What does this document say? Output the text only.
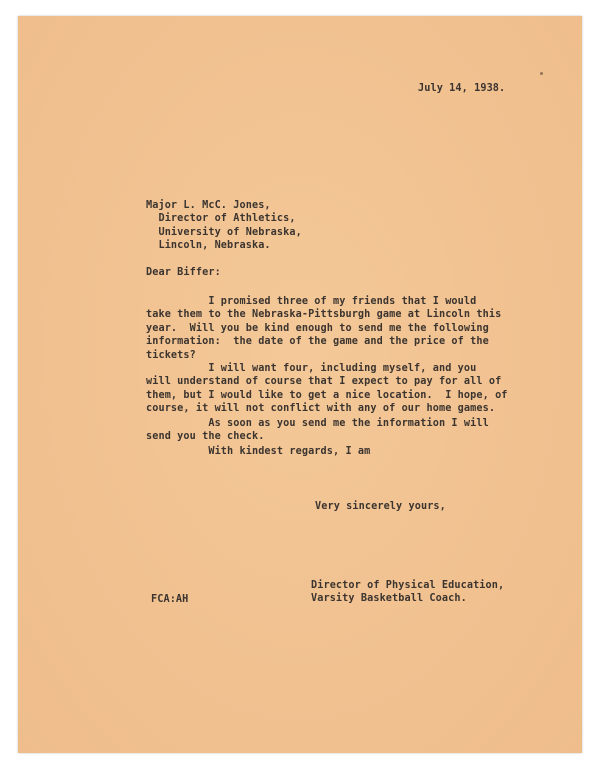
July 14, 1938.
Major L. McC. Jones,
Director of Athletics,
University of Nebraska,
Lincoln, Nebraska.
Dear Biffer:
I promised three of my friends that I would
take them to the Nebraska-Pittsburgh game at Lincoln this
year.  Will you be kind enough to send me the following
information:  the date of the game and the price of the
tickets?
I will want four, including myself, and you
will understand of course that I expect to pay for all of
them, but I would like to get a nice location.  I hope, of
course, it will not conflict with any of our home games.
As soon as you send me the information I will
send you the check.
With kindest regards, I am
Very sincerely yours,
Director of Physical Education,
Varsity Basketball Coach.
FCA:AH
